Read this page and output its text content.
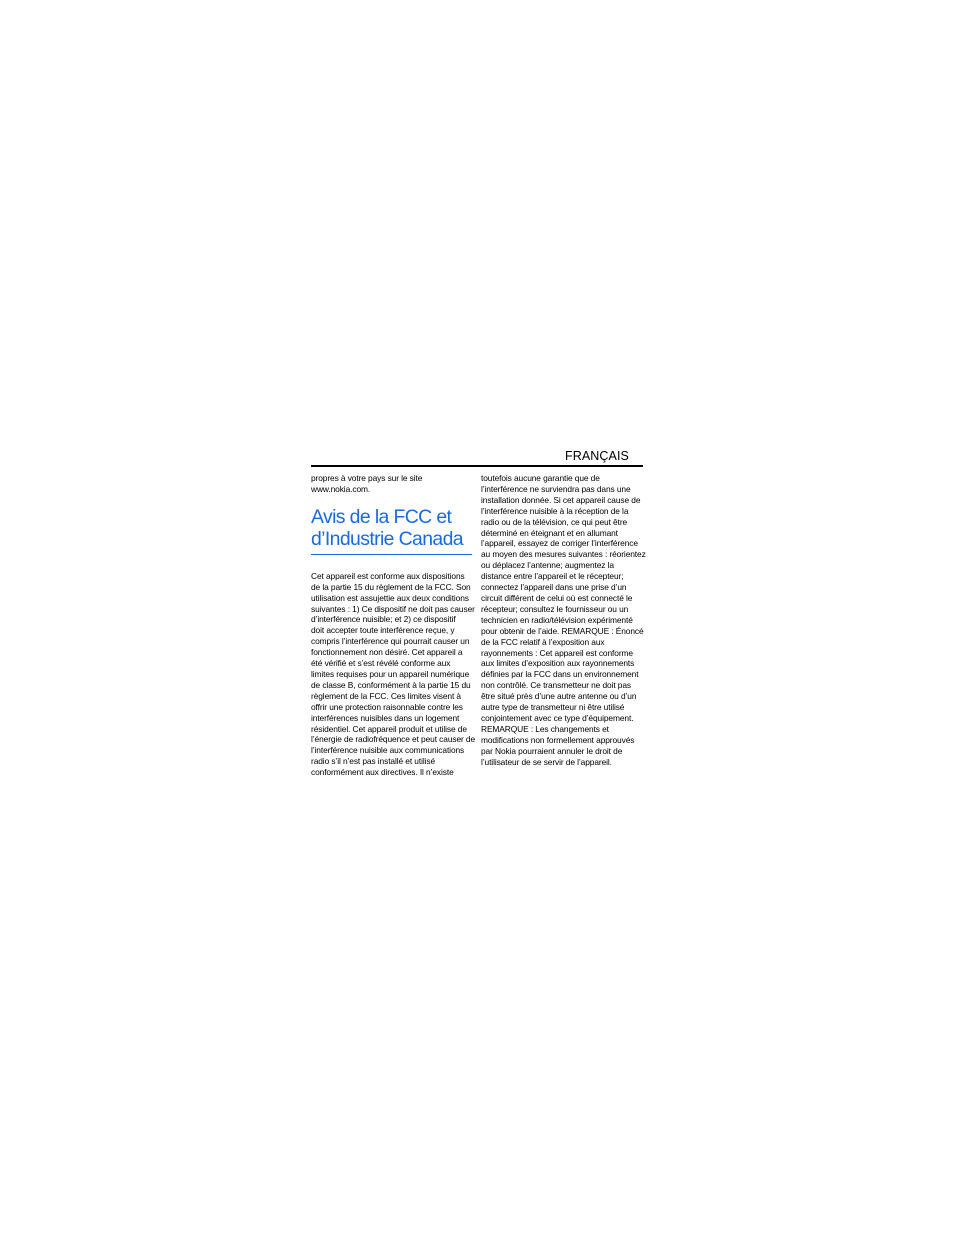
FRANÇAIS

propres à votre pays sur le site
www.nokia.com.

Avis de la FCC et
d’Industrie Canada

Cet appareil est conforme aux dispositions
de la partie 15 du règlement de la FCC. Son
utilisation est assujettie aux deux conditions
suivantes : 1) Ce dispositif ne doit pas causer
d’interférence nuisible; et 2) ce dispositif
doit accepter toute interférence reçue, y
compris l’interférence qui pourrait causer un
fonctionnement non désiré. Cet appareil a
été vérifié et s’est révélé conforme aux
limites requises pour un appareil numérique
de classe B, conformément à la partie 15 du
règlement de la FCC. Ces limites visent à
offrir une protection raisonnable contre les
interférences nuisibles dans un logement
résidentiel. Cet appareil produit et utilise de
l’énergie de radiofréquence et peut causer de
l’interférence nuisible aux communications
radio s’il n’est pas installé et utilisé
conformément aux directives. Il n’existe

toutefois aucune garantie que de
l’interférence ne surviendra pas dans une
installation donnée. Si cet appareil cause de
l’interférence nuisible à la réception de la
radio ou de la télévision, ce qui peut être
déterminé en éteignant et en allumant
l’appareil, essayez de corriger l’interférence
au moyen des mesures suivantes : réorientez
ou déplacez l’antenne; augmentez la
distance entre l’appareil et le récepteur;
connectez l’appareil dans une prise d’un
circuit différent de celui où est connecté le
récepteur; consultez le fournisseur ou un
technicien en radio/télévision expérimenté
pour obtenir de l’aide. REMARQUE : Énoncé
de la FCC relatif à l’exposition aux
rayonnements : Cet appareil est conforme
aux limites d’exposition aux rayonnements
définies par la FCC dans un environnement
non contrôlé. Ce transmetteur ne doit pas
être situé près d’une autre antenne ou d’un
autre type de transmetteur ni être utilisé
conjointement avec ce type d’équipement.
REMARQUE : Les changements et
modifications non formellement approuvés
par Nokia pourraient annuler le droit de
l’utilisateur de se servir de l’appareil.
